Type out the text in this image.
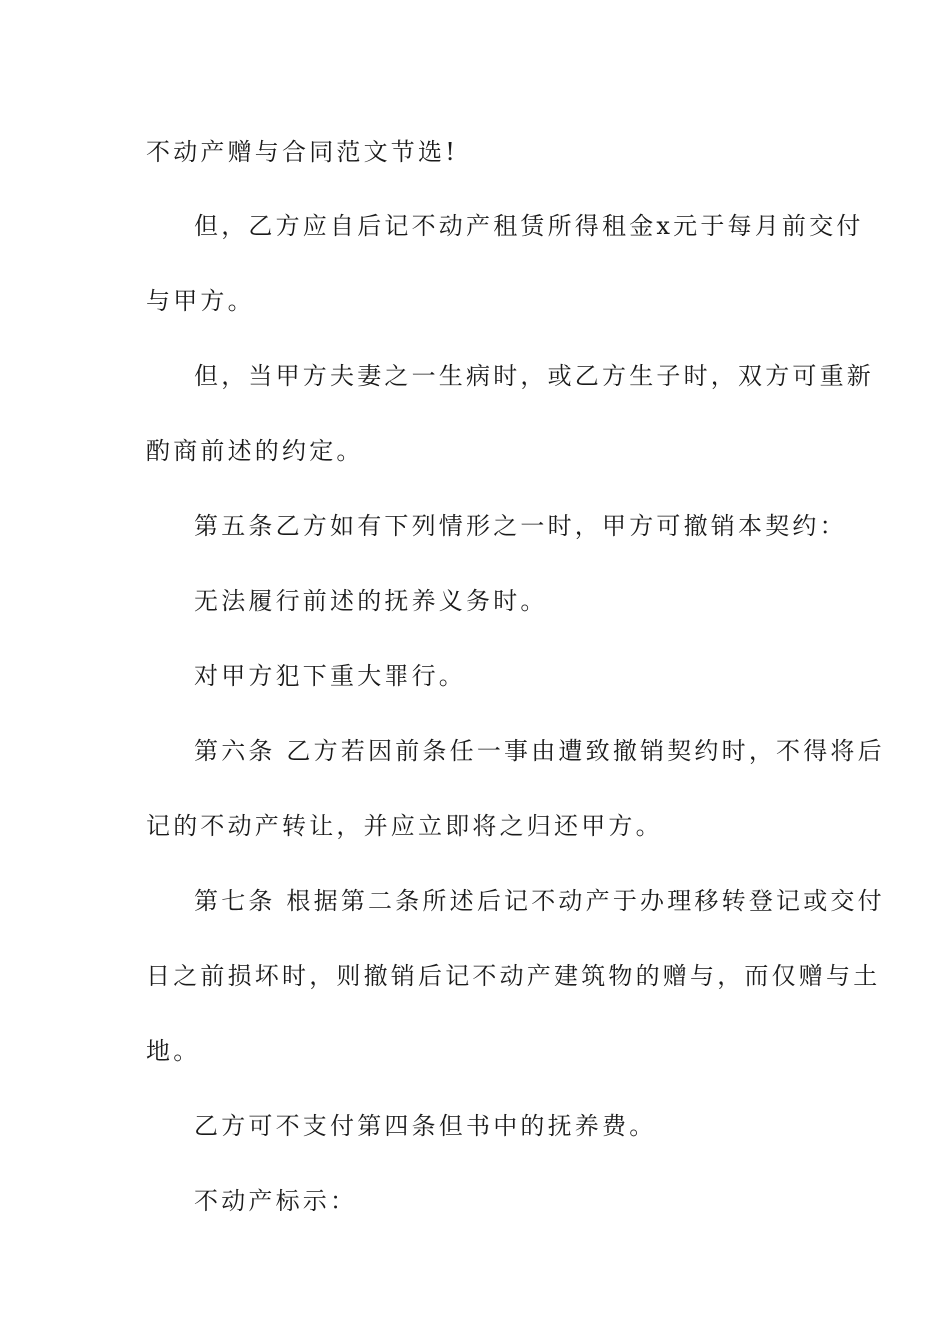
不动产赠与合同范文节选!
但，乙方应自后记不动产租赁所得租金x元于每月前交付
与甲方。
但，当甲方夫妻之一生病时，或乙方生子时，双方可重新
酌商前述的约定。
第五条乙方如有下列情形之一时，甲方可撤销本契约：
无法履行前述的抚养义务时。
对甲方犯下重大罪行。
第六条 乙方若因前条任一事由遭致撤销契约时，不得将后
记的不动产转让，并应立即将之归还甲方。
第七条 根据第二条所述后记不动产于办理移转登记或交付
日之前损坏时，则撤销后记不动产建筑物的赠与，而仅赠与土
地。
乙方可不支付第四条但书中的抚养费。
不动产标示：
